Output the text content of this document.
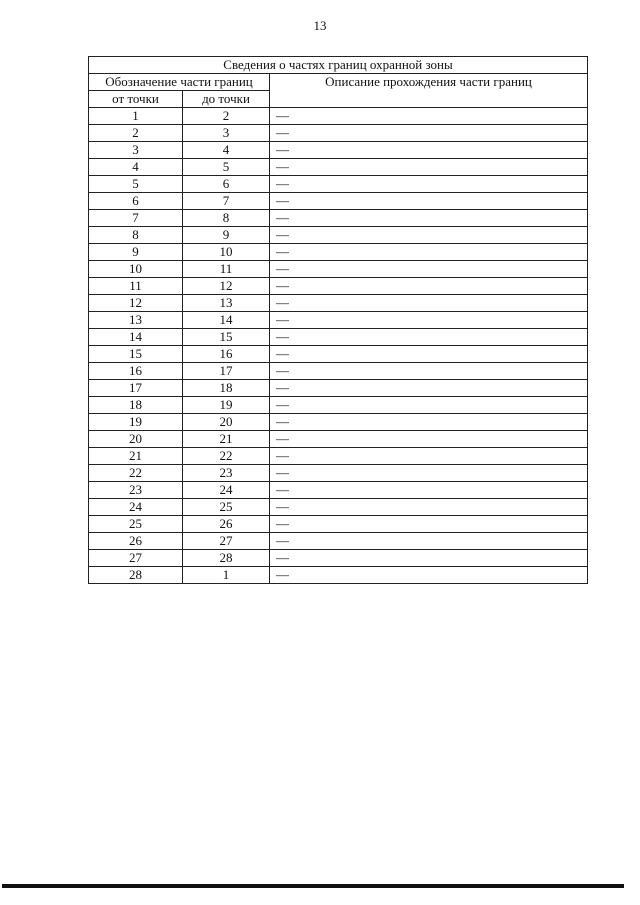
13
Сведения о частях границ охранной зоны		
Обозначение части границ		Описание прохождения части границ
от точки	до точки	
1	2	—
2	3	—
3	4	—
4	5	—
5	6	—
6	7	—
7	8	—
8	9	—
9	10	—
10	11	—
11	12	—
12	13	—
13	14	—
14	15	—
15	16	—
16	17	—
17	18	—
18	19	—
19	20	—
20	21	—
21	22	—
22	23	—
23	24	—
24	25	—
25	26	—
26	27	—
27	28	—
28	1	—
